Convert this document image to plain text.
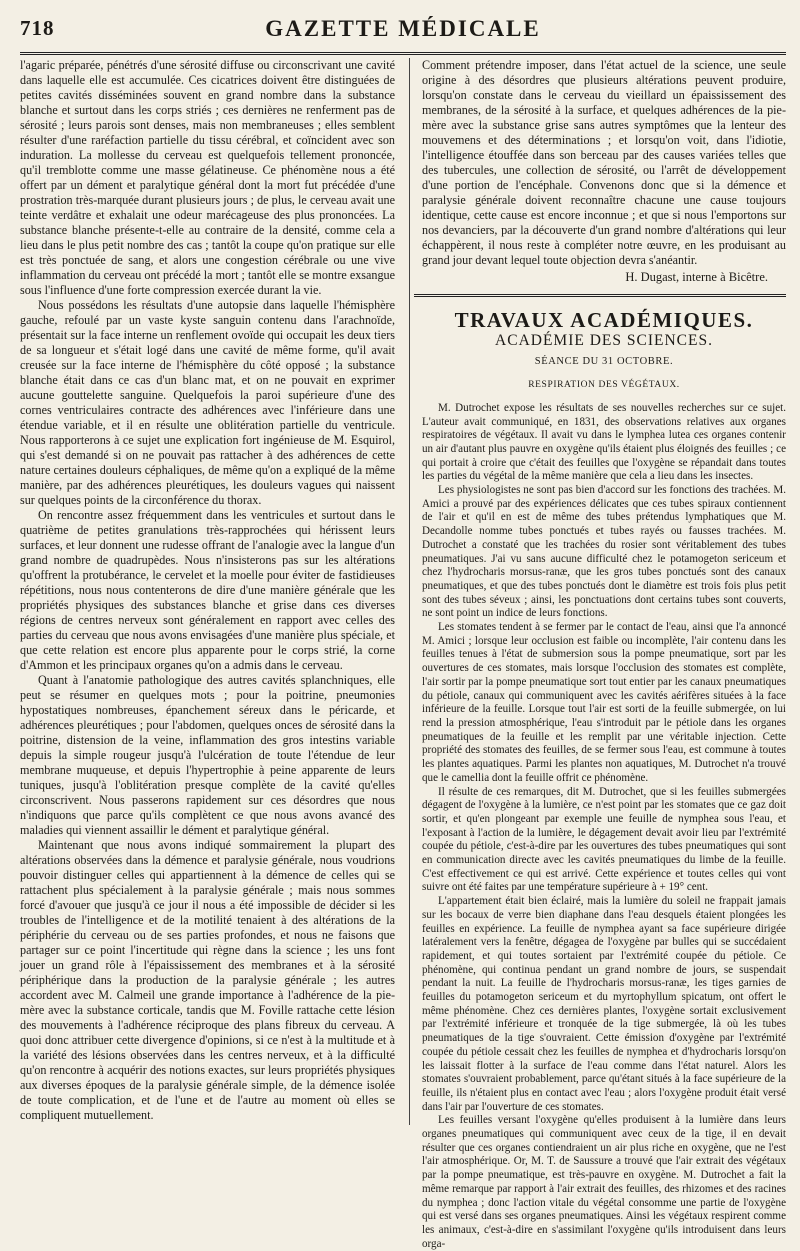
718	GAZETTE MÉDICALE

l'agaric préparée, pénétrés d'une sérosité diffuse ou circonscrivant une cavité dans laquelle elle est accumulée. Ces cicatrices doivent être distinguées de petites cavités disséminées souvent en grand nombre dans la substance blanche et surtout dans les corps striés ; ces dernières ne renferment pas de sérosité ; leurs parois sont denses, mais non membraneuses ; elles semblent résulter d'une raréfaction partielle du tissu cérébral, et coïncident avec son induration. La mollesse du cerveau est quelquefois tellement prononcée, qu'il tremblotte comme une masse gélatineuse. Ce phénomène nous a été offert par un dément et paralytique général dont la mort fut précédée d'une prostration très-marquée durant plusieurs jours ; de plus, le cerveau avait une teinte verdâtre et exhalait une odeur marécageuse des plus prononcées. La substance blanche présente-t-elle au contraire de la densité, comme cela a lieu dans le plus petit nombre des cas ; tantôt la coupe qu'on pratique sur elle est très ponctuée de sang, et alors une congestion cérébrale ou une vive inflammation du cerveau ont précédé la mort ; tantôt elle se montre exsangue sous l'influence d'une forte compression exercée durant la vie.

Nous possédons les résultats d'une autopsie dans laquelle l'hémisphère gauche, refoulé par un vaste kyste sanguin contenu dans l'arachnoïde, présentait sur la face interne un renflement ovoïde qui occupait les deux tiers de sa longueur et s'était logé dans une cavité de même forme, qu'il avait creusée sur la face interne de l'hémisphère du côté opposé ; la substance blanche était dans ce cas d'un blanc mat, et on ne pouvait en exprimer aucune gouttelette sanguine. Quelquefois la paroi supérieure d'une des cornes ventriculaires contracte des adhérences avec l'inférieure dans une étendue variable, et il en résulte une oblitération partielle du ventricule. Nous rapporterons à ce sujet une explication fort ingénieuse de M. Esquirol, qui s'est demandé si on ne pouvait pas rattacher à des adhérences de cette nature certaines douleurs céphaliques, de même qu'on a expliqué de la même manière, par des adhérences pleurétiques, les douleurs vagues qui naissent sur quelques points de la circonférence du thorax.

On rencontre assez fréquemment dans les ventricules et surtout dans le quatrième de petites granulations très-rapprochées qui hérissent leurs surfaces, et leur donnent une rudesse offrant de l'analogie avec la langue d'un grand nombre de quadrupèdes. Nous n'insisterons pas sur les altérations qu'offrent la protubérance, le cervelet et la moelle pour éviter de fastidieuses répétitions, nous nous contenterons de dire d'une manière générale que les propriétés physiques des substances blanche et grise dans ces diverses régions de centres nerveux sont généralement en rapport avec celles des parties du cerveau que nous avons envisagées d'une manière plus spéciale, et que cette relation est encore plus apparente pour le corps strié, la corne d'Ammon et les principaux organes qu'on a admis dans le cerveau.

Quant à l'anatomie pathologique des autres cavités splanchniques, elle peut se résumer en quelques mots ; pour la poitrine, pneumonies hypostatiques nombreuses, épanchement séreux dans le péricarde, et adhérences pleurétiques ; pour l'abdomen, quelques onces de sérosité dans la poitrine, distension de la veine, inflammation des gros intestins variable depuis la simple rougeur jusqu'à l'ulcération de toute l'étendue de leur membrane muqueuse, et depuis l'hypertrophie à peine apparente de leurs tuniques, jusqu'à l'oblitération presque complète de la cavité qu'elles circonscrivent. Nous passerons rapidement sur ces désordres que nous n'indiquons que parce qu'ils complètent ce que nous avons avancé des maladies qui viennent assaillir le dément et paralytique général.

Maintenant que nous avons indiqué sommairement la plupart des altérations observées dans la démence et paralysie générale, nous voudrions pouvoir distinguer celles qui appartiennent à la démence de celles qui se rattachent plus spécialement à la paralysie générale ; mais nous sommes forcé d'avouer que jusqu'à ce jour il nous a été impossible de décider si les troubles de l'intelligence et de la motilité tenaient à des altérations de la périphérie du cerveau ou de ses parties profondes, et nous ne faisons que partager sur ce point l'incertitude qui règne dans la science ; les uns font jouer un grand rôle à l'épaississement des membranes et à la sérosité périphérique dans la production de la paralysie générale ; les autres accordent avec M. Calmeil une grande importance à l'adhérence de la pie-mère avec la substance corticale, tandis que M. Foville rattache cette lésion des mouvements à l'adhérence réciproque des plans fibreux du cerveau. A quoi donc attribuer cette divergence d'opinions, si ce n'est à la multitude et à la variété des lésions observées dans les centres nerveux, et à la difficulté qu'on rencontre à acquérir des notions exactes, sur leurs propriétés physiques aux diverses époques de la paralysie générale simple, de la démence isolée de toute complication, et de l'une et de l'autre au moment où elles se compliquent mutuellement.

Comment prétendre imposer, dans l'état actuel de la science, une seule origine à des désordres que plusieurs altérations peuvent produire, lorsqu'on constate dans le cerveau du vieillard un épaississement des membranes, de la sérosité à la surface, et quelques adhérences de la pie-mère avec la substance grise sans autres symptômes que la lenteur des mouvemens et des déterminations ; et lorsqu'on voit, dans l'idiotie, l'intelligence étouffée dans son berceau par des causes variées telles que des tubercules, une collection de sérosité, ou l'arrêt de développement d'une portion de l'encéphale. Convenons donc que si la démence et paralysie générale doivent reconnaître chacune une cause toujours identique, cette cause est encore inconnue ; et que si nous l'emportons sur nos devanciers, par la découverte d'un grand nombre d'altérations qui leur échappèrent, il nous reste à compléter notre œuvre, en les produisant au grand jour devant lequel toute objection devra s'anéantir.

H. Dugast, interne à Bicêtre.

TRAVAUX ACADÉMIQUES.
ACADÉMIE DES SCIENCES.
SÉANCE DU 31 OCTOBRE.
RESPIRATION DES VÉGÉTAUX.

M. Dutrochet expose les résultats de ses nouvelles recherches sur ce sujet. L'auteur avait communiqué, en 1831, des observations relatives aux organes respiratoires de végétaux. Il avait vu dans le lymphea lutea ces organes contenir un air d'autant plus pauvre en oxygène qu'ils étaient plus éloignés des feuilles ; ce qui portait à croire que c'était des feuilles que l'oxygène se répandait dans toutes les parties du végétal de la même manière que cela a lieu dans les insectes.

Les physiologistes ne sont pas bien d'accord sur les fonctions des trachées. M. Amici a prouvé par des expériences délicates que ces tubes spiraux contiennent de l'air et qu'il en est de même des tubes prétendus lymphatiques que M. Decandolle nomme tubes ponctués et tubes rayés ou fausses trachées. M. Dutrochet a constaté que les trachées du rosier sont véritablement des tubes pneumatiques. J'ai vu sans aucune difficulté chez le potamogeton sericeum et chez l'hydrocharis morsus-ranæ, que les gros tubes ponctués sont des canaux pneumatiques, et que des tubes ponctués dont le diamètre est trois fois plus petit sont des tubes séveux ; ainsi, les ponctuations dont certains tubes sont couverts, ne sont point un indice de leurs fonctions.

Les stomates tendent à se fermer par le contact de l'eau, ainsi que l'a annoncé M. Amici ; lorsque leur occlusion est faible ou incomplète, l'air contenu dans les feuilles tenues à l'état de submersion sous la pompe pneumatique, sort par les ouvertures de ces stomates, mais lorsque l'occlusion des stomates est complète, l'air sortir par la pompe pneumatique sort tout entier par les canaux pneumatiques du pétiole, canaux qui communiquent avec les cavités aérifères situées à la face inférieure de la feuille. Lorsque tout l'air est sorti de la feuille submergée, on lui rend la pression atmosphérique, l'eau s'introduit par le pétiole dans les organes pneumatiques de la feuille et les remplit par une véritable injection. Cette propriété des stomates des feuilles, de se fermer sous l'eau, est commune à toutes les plantes aquatiques. Parmi les plantes non aquatiques, M. Dutrochet n'a trouvé que le camellia dont la feuille offrit ce phénomène.

Il résulte de ces remarques, dit M. Dutrochet, que si les feuilles submergées dégagent de l'oxygène à la lumière, ce n'est point par les stomates que ce gaz doit sortir, et qu'en plongeant par exemple une feuille de nymphea sous l'eau, et l'exposant à l'action de la lumière, le dégagement devait avoir lieu par l'extrémité coupée du pétiole, c'est-à-dire par les ouvertures des tubes pneumatiques qui sont en communication directe avec les cavités pneumatiques du limbe de la feuille. C'est effectivement ce qui est arrivé. Cette expérience et toutes celles qui vont suivre ont été faites par une température supérieure à + 19° cent.

L'appartement était bien éclairé, mais la lumière du soleil ne frappait jamais sur les bocaux de verre bien diaphane dans l'eau desquels étaient plongées les feuilles en expérience. La feuille de nymphea ayant sa face supérieure dirigée latéralement vers la fenêtre, dégagea de l'oxygène par bulles qui se succédaient rapidement, et qui toutes sortaient par l'extrémité coupée du pétiole. Ce phénomène, qui continua pendant un grand nombre de jours, se suspendait pendant la nuit. La feuille de l'hydrocharis morsus-ranæ, les tiges garnies de feuilles du potamogeton sericeum et du myrtophyllum spicatum, ont offert le même phénomène. Chez ces dernières plantes, l'oxygène sortait exclusivement par l'extrémité inférieure et tronquée de la tige submergée, là où les tubes pneumatiques de la tige s'ouvraient. Cette émission d'oxygène par l'extrémité coupée du pétiole cessait chez les feuilles de nymphea et d'hydrocharis lorsqu'on les laissait flotter à la surface de l'eau comme dans l'état naturel. Alors les stomates s'ouvraient probablement, parce qu'étant situés à la face supérieure de la feuille, ils n'étaient plus en contact avec l'eau ; alors l'oxygène produit était versé dans l'air par l'ouverture de ces stomates.

Les feuilles versant l'oxygène qu'elles produisent à la lumière dans leurs organes pneumatiques qui communiquent avec ceux de la tige, il en devait résulter que ces organes contiendraient un air plus riche en oxygène, que ne l'est l'air atmosphérique. Or, M. T. de Saussure a trouvé que l'air extrait des végétaux par la pompe pneumatique, est très-pauvre en oxygène. M. Dutrochet a fait la même remarque par rapport à l'air extrait des feuilles, des rhizomes et des racines du nymphea ; donc l'action vitale du végétal consomme une partie de l'oxygène qui est versé dans ses organes pneumatiques. Ainsi les végétaux respirent comme les animaux, c'est-à-dire en s'assimilant l'oxygène qu'ils introduisent dans leurs orga-
